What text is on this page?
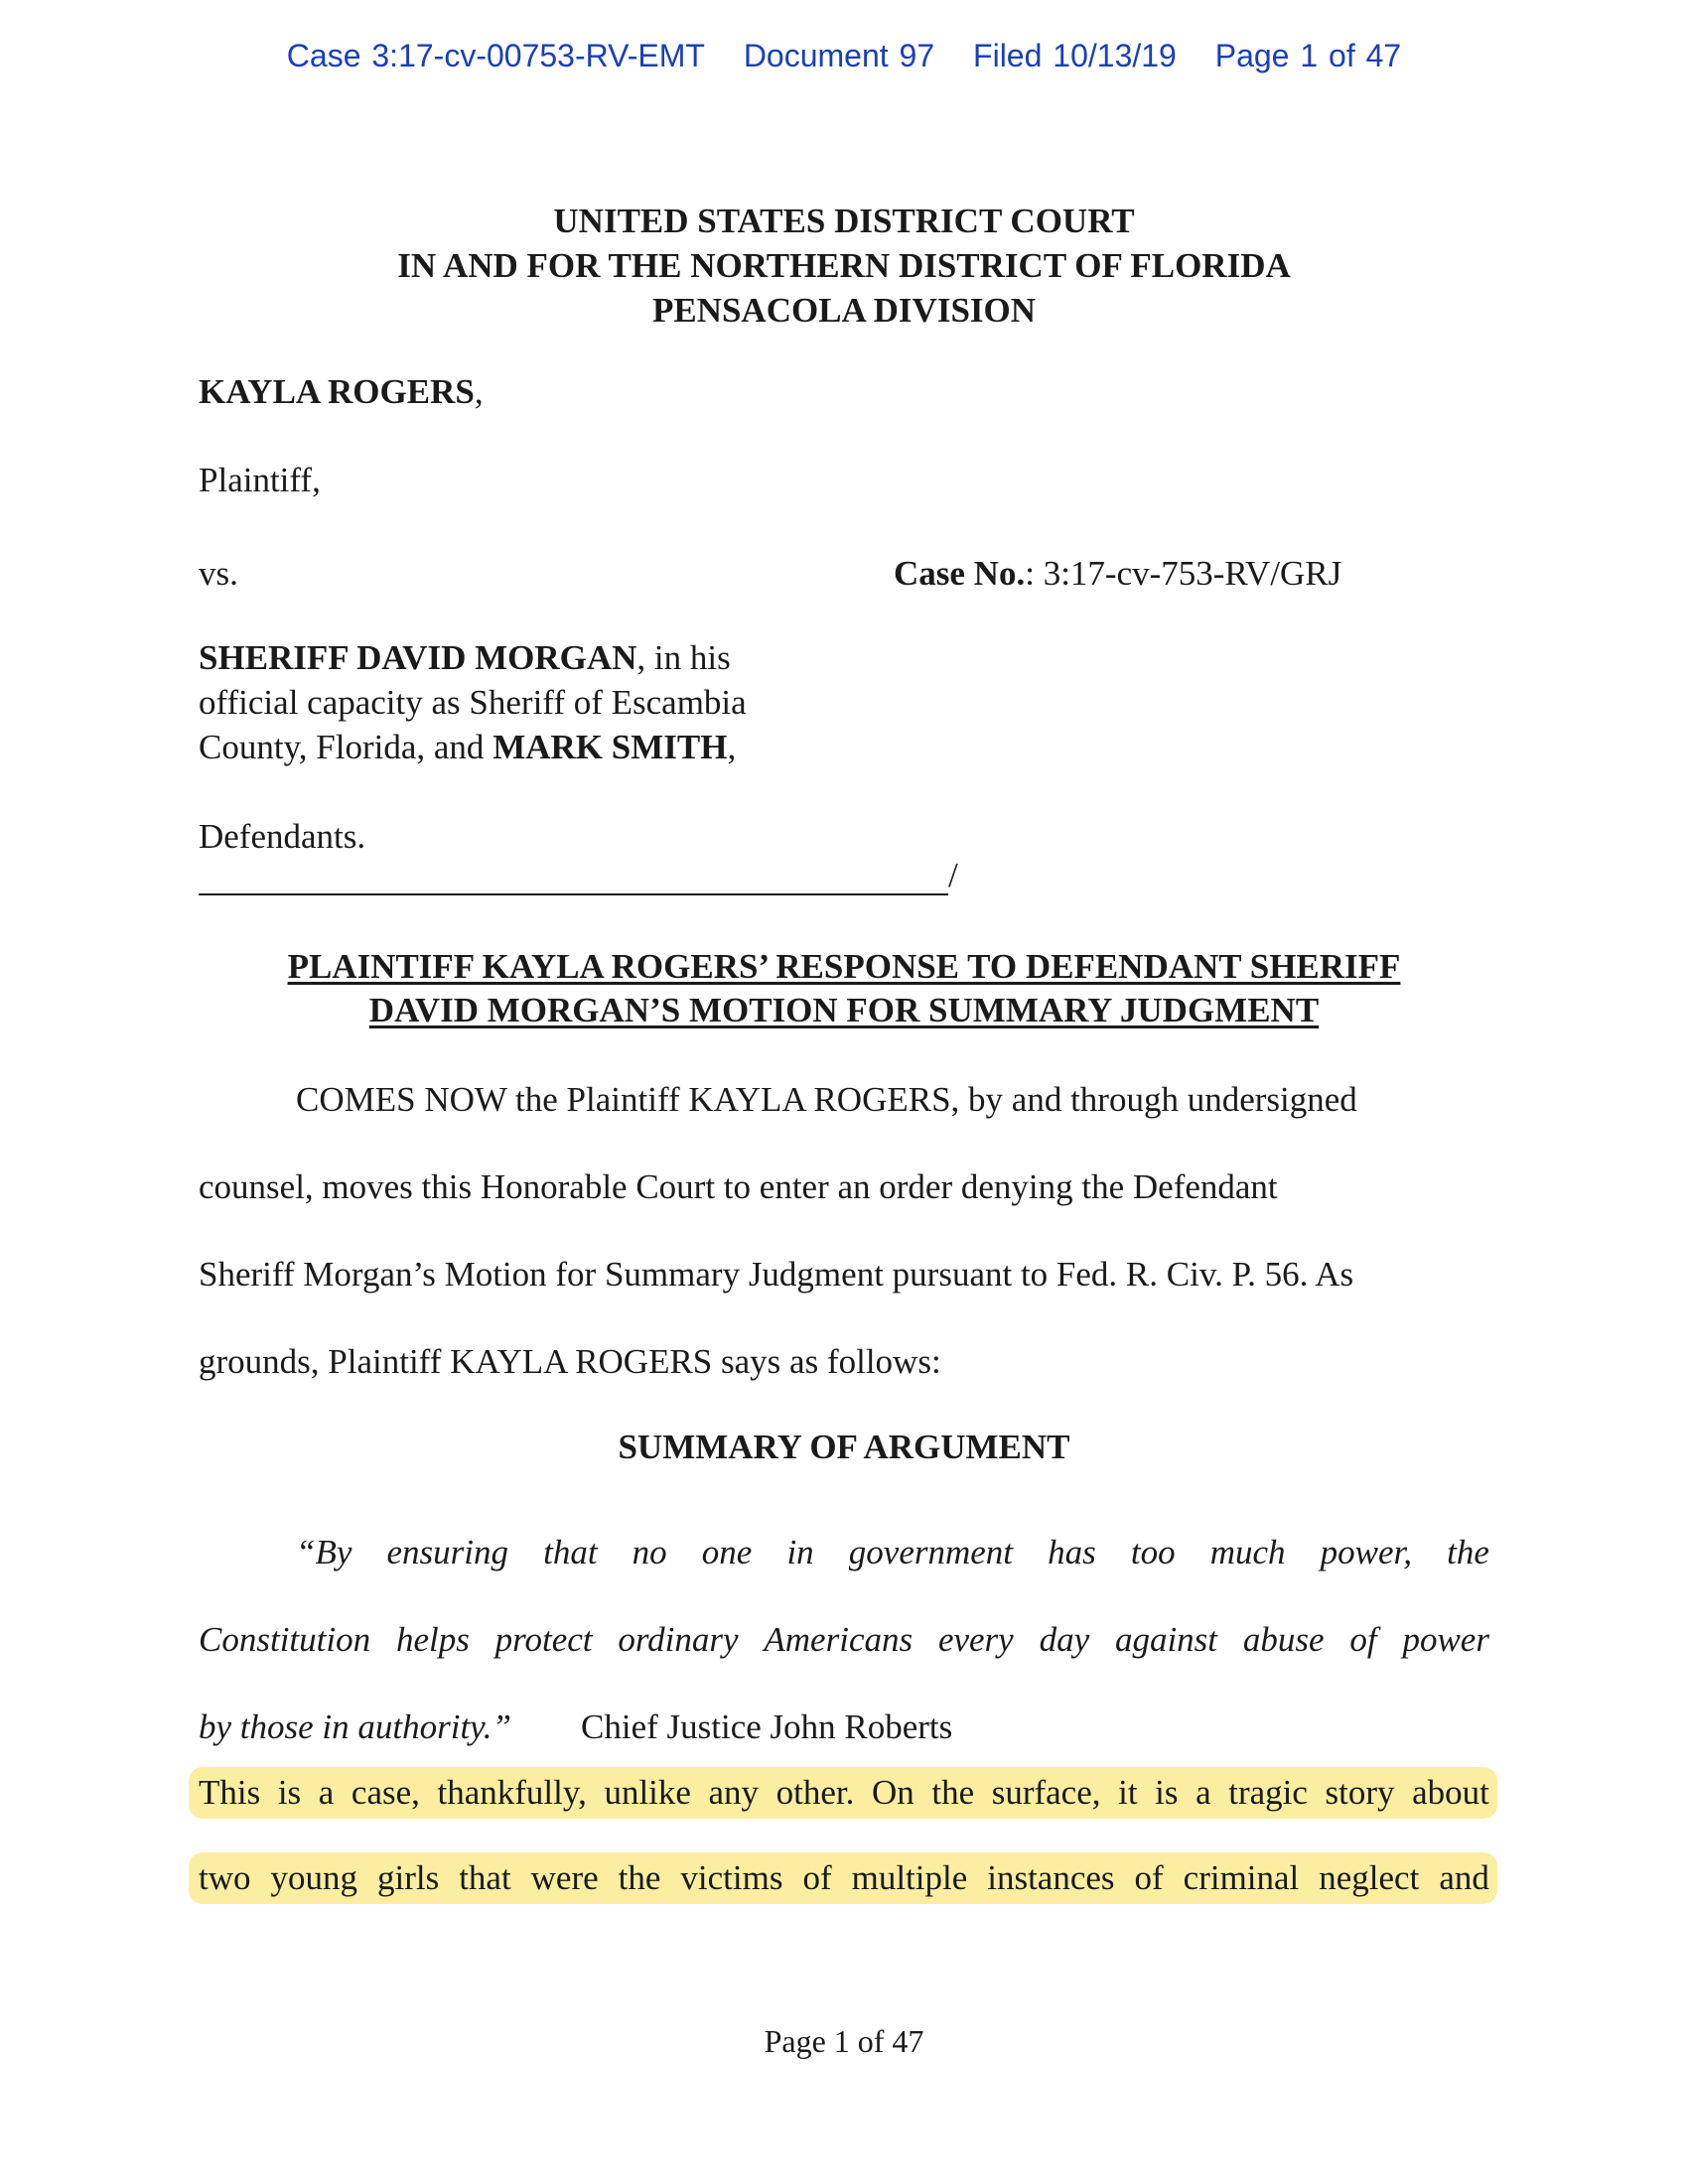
Case 3:17-cv-00753-RV-EMT Document 97 Filed 10/13/19 Page 1 of 47
UNITED STATES DISTRICT COURT
IN AND FOR THE NORTHERN DISTRICT OF FLORIDA
PENSACOLA DIVISION
KAYLA ROGERS,
Plaintiff,
vs.	Case No.: 3:17-cv-753-RV/GRJ
SHERIFF DAVID MORGAN, in his
official capacity as Sheriff of Escambia
County, Florida, and MARK SMITH,
Defendants.
/
PLAINTIFF KAYLA ROGERS’ RESPONSE TO DEFENDANT SHERIFF
DAVID MORGAN’S MOTION FOR SUMMARY JUDGMENT
COMES NOW the Plaintiff KAYLA ROGERS, by and through undersigned
counsel, moves this Honorable Court to enter an order denying the Defendant
Sheriff Morgan’s Motion for Summary Judgment pursuant to Fed. R. Civ. P. 56. As
grounds, Plaintiff KAYLA ROGERS says as follows:
SUMMARY OF ARGUMENT
“By ensuring that no one in government has too much power, the
Constitution helps protect ordinary Americans every day against abuse of power
by those in authority.” Chief Justice John Roberts
This is a case, thankfully, unlike any other. On the surface, it is a tragic story about
two young girls that were the victims of multiple instances of criminal neglect and
Page 1 of 47
